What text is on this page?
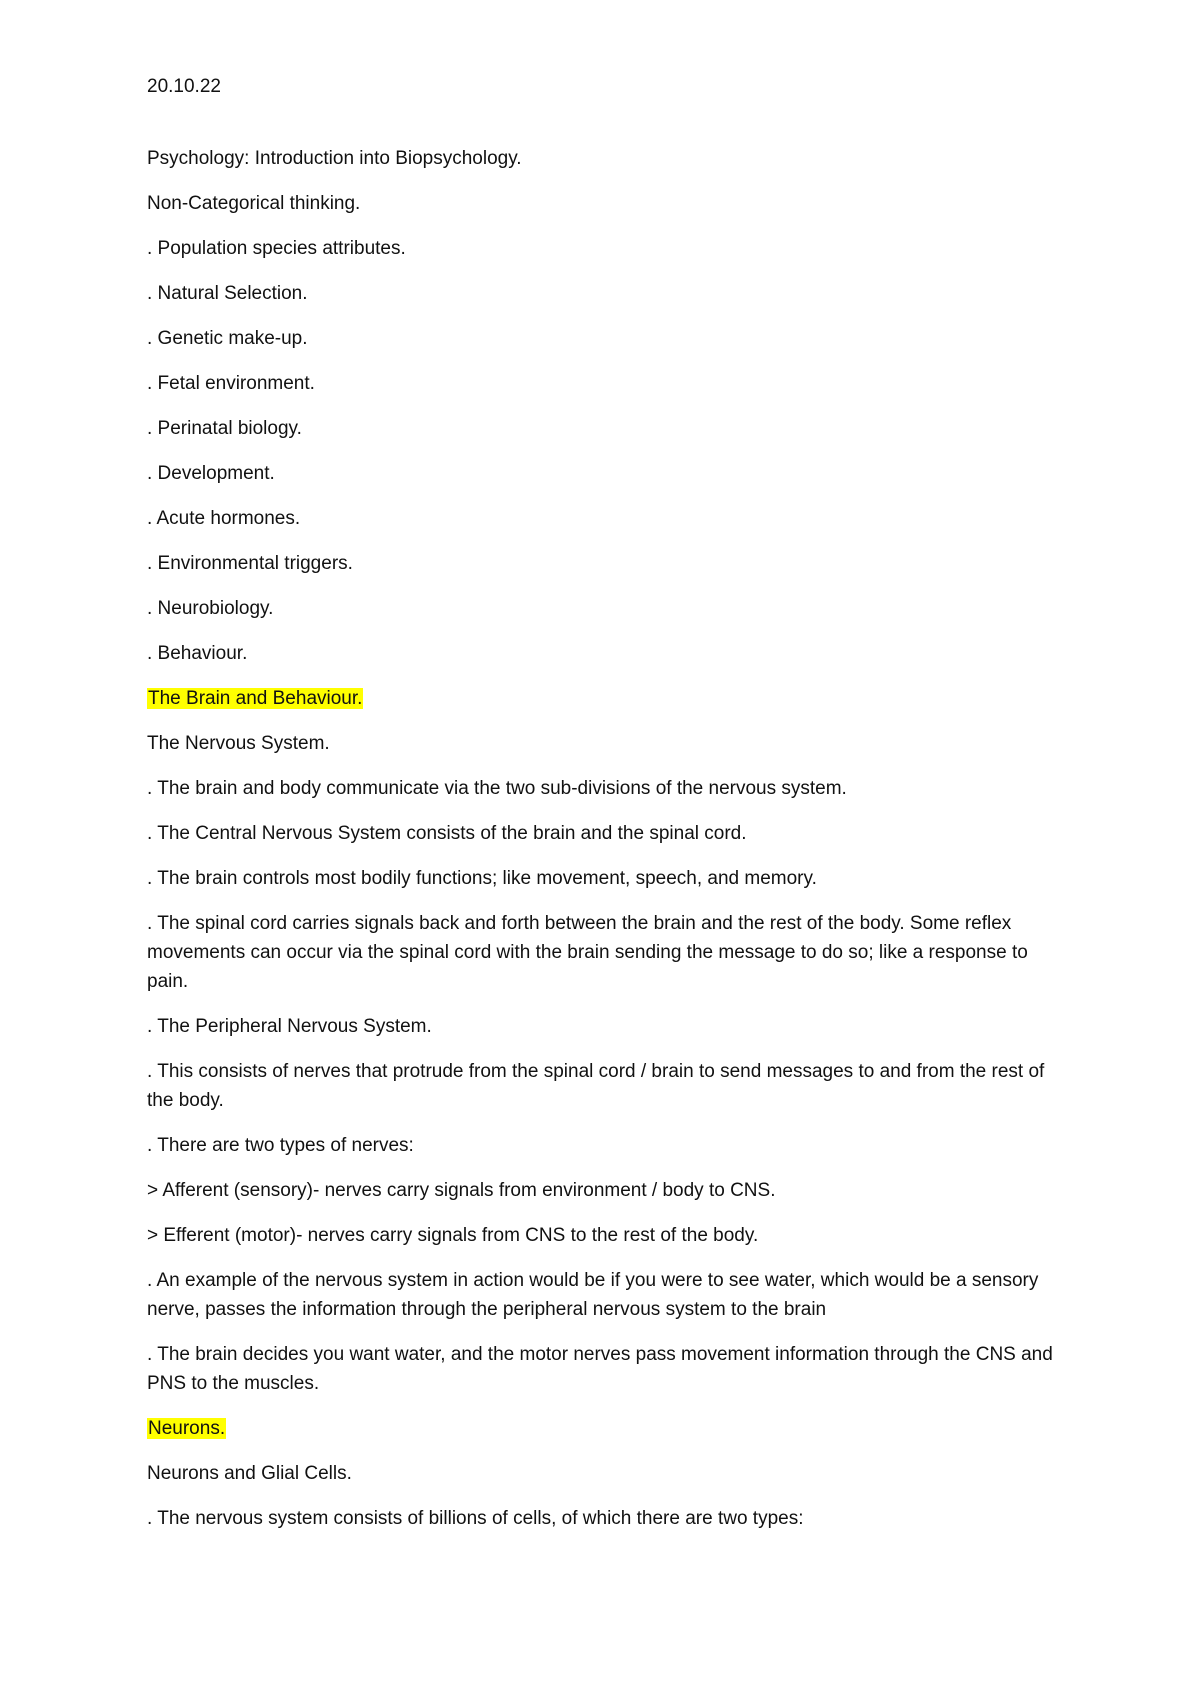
20.10.22

Psychology: Introduction into Biopsychology.

Non-Categorical thinking.

. Population species attributes.

. Natural Selection.

. Genetic make-up.

. Fetal environment.

. Perinatal biology.

. Development.

. Acute hormones.

. Environmental triggers.

. Neurobiology.

. Behaviour.

The Brain and Behaviour.

The Nervous System.

. The brain and body communicate via the two sub-divisions of the nervous system.

. The Central Nervous System consists of the brain and the spinal cord.

. The brain controls most bodily functions; like movement, speech, and memory.

. The spinal cord carries signals back and forth between the brain and the rest of the body. Some reflex movements can occur via the spinal cord with the brain sending the message to do so; like a response to pain.

. The Peripheral Nervous System.

. This consists of nerves that protrude from the spinal cord / brain to send messages to and from the rest of the body.

. There are two types of nerves:

> Afferent (sensory)- nerves carry signals from environment / body to CNS.

> Efferent (motor)- nerves carry signals from CNS to the rest of the body.

. An example of the nervous system in action would be if you were to see water, which would be a sensory nerve, passes the information through the peripheral nervous system to the brain

. The brain decides you want water, and the motor nerves pass movement information through the CNS and PNS to the muscles.

Neurons.

Neurons and Glial Cells.

. The nervous system consists of billions of cells, of which there are two types:
